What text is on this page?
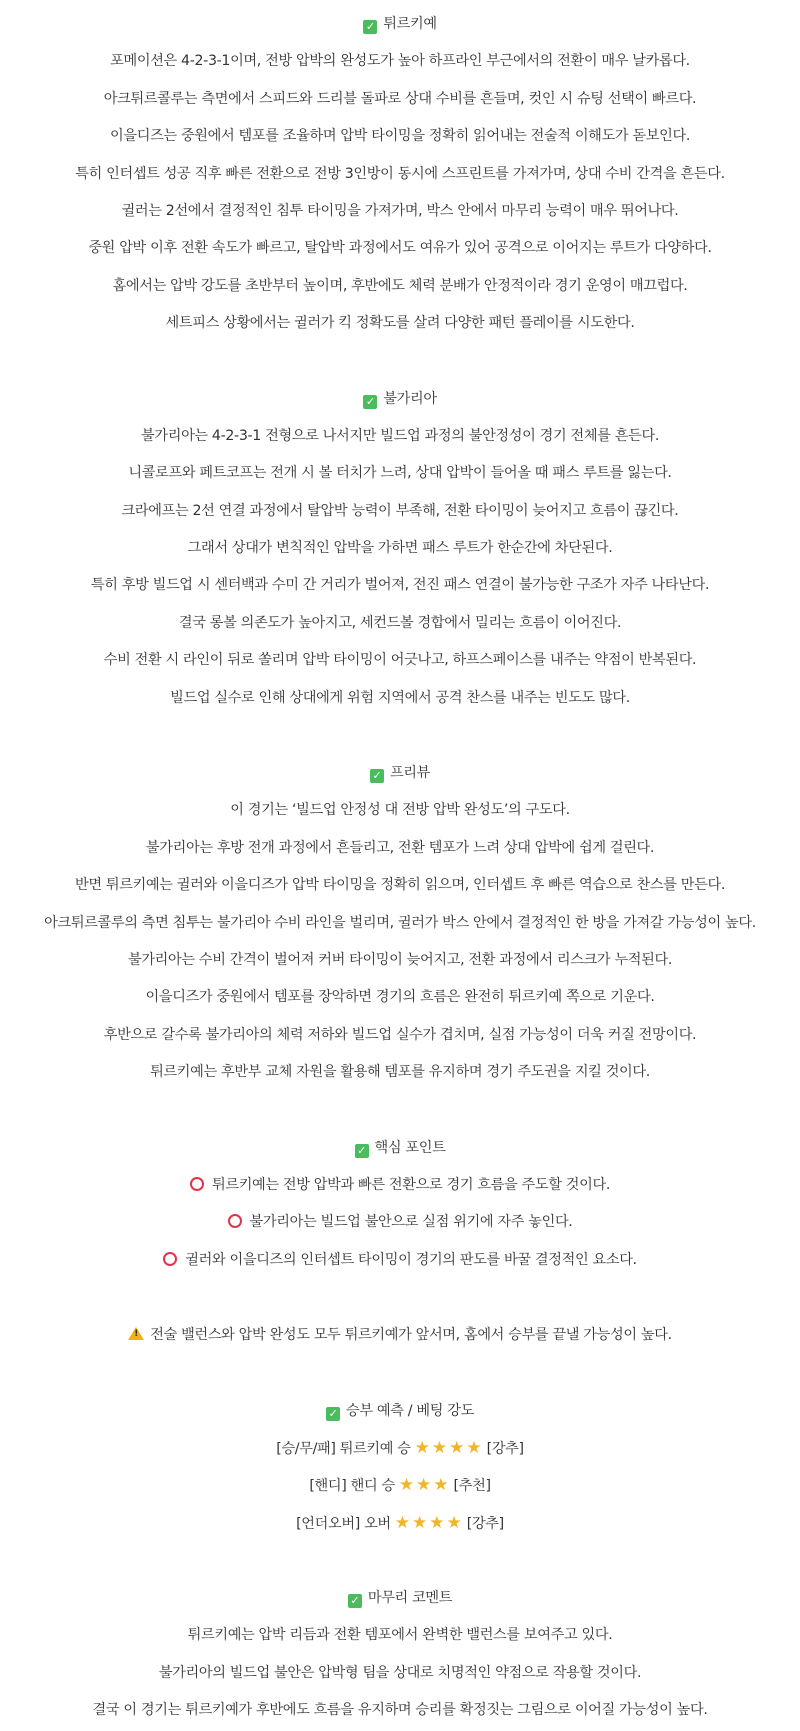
✓ 튀르키예
포메이션은 4-2-3-1이며, 전방 압박의 완성도가 높아 하프라인 부근에서의 전환이 매우 날카롭다.
아크튀르콜루는 측면에서 스피드와 드리블 돌파로 상대 수비를 흔들며, 컷인 시 슈팅 선택이 빠르다.
이을디즈는 중원에서 템포를 조율하며 압박 타이밍을 정확히 읽어내는 전술적 이해도가 돋보인다.
특히 인터셉트 성공 직후 빠른 전환으로 전방 3인방이 동시에 스프린트를 가져가며, 상대 수비 간격을 흔든다.
귈러는 2선에서 결정적인 침투 타이밍을 가져가며, 박스 안에서 마무리 능력이 매우 뛰어나다.
중원 압박 이후 전환 속도가 빠르고, 탈압박 과정에서도 여유가 있어 공격으로 이어지는 루트가 다양하다.
홈에서는 압박 강도를 초반부터 높이며, 후반에도 체력 분배가 안정적이라 경기 운영이 매끄럽다.
세트피스 상황에서는 귈러가 킥 정확도를 살려 다양한 패턴 플레이를 시도한다.
✓ 불가리아
불가리아는 4-2-3-1 전형으로 나서지만 빌드업 과정의 불안정성이 경기 전체를 흔든다.
니콜로프와 페트코프는 전개 시 볼 터치가 느려, 상대 압박이 들어올 때 패스 루트를 잃는다.
크라에프는 2선 연결 과정에서 탈압박 능력이 부족해, 전환 타이밍이 늦어지고 흐름이 끊긴다.
그래서 상대가 변칙적인 압박을 가하면 패스 루트가 한순간에 차단된다.
특히 후방 빌드업 시 센터백과 수미 간 거리가 벌어져, 전진 패스 연결이 불가능한 구조가 자주 나타난다.
결국 롱볼 의존도가 높아지고, 세컨드볼 경합에서 밀리는 흐름이 이어진다.
수비 전환 시 라인이 뒤로 쏠리며 압박 타이밍이 어긋나고, 하프스페이스를 내주는 약점이 반복된다.
빌드업 실수로 인해 상대에게 위험 지역에서 공격 찬스를 내주는 빈도도 많다.
✓ 프리뷰
이 경기는 ‘빌드업 안정성 대 전방 압박 완성도’의 구도다.
불가리아는 후방 전개 과정에서 흔들리고, 전환 템포가 느려 상대 압박에 쉽게 걸린다.
반면 튀르키예는 귈러와 이을디즈가 압박 타이밍을 정확히 읽으며, 인터셉트 후 빠른 역습으로 찬스를 만든다.
아크튀르콜루의 측면 침투는 불가리아 수비 라인을 벌리며, 귈러가 박스 안에서 결정적인 한 방을 가져갈 가능성이 높다.
불가리아는 수비 간격이 벌어져 커버 타이밍이 늦어지고, 전환 과정에서 리스크가 누적된다.
이을디즈가 중원에서 템포를 장악하면 경기의 흐름은 완전히 튀르키예 쪽으로 기운다.
후반으로 갈수록 불가리아의 체력 저하와 빌드업 실수가 겹치며, 실점 가능성이 더욱 커질 전망이다.
튀르키예는 후반부 교체 자원을 활용해 템포를 유지하며 경기 주도권을 지킬 것이다.
✓ 핵심 포인트
튀르키예는 전방 압박과 빠른 전환으로 경기 흐름을 주도할 것이다.
불가리아는 빌드업 불안으로 실점 위기에 자주 놓인다.
귈러와 이을디즈의 인터셉트 타이밍이 경기의 판도를 바꿀 결정적인 요소다.
!전술 밸런스와 압박 완성도 모두 튀르키예가 앞서며, 홈에서 승부를 끝낼 가능성이 높다.
✓ 승부 예측 / 베팅 강도
[승/무/패] 튀르키예 승 ★★★★ [강추]
[핸디] 핸디 승 ★★★ [추천]
[언더오버] 오버 ★★★★ [강추]
✓ 마무리 코멘트
튀르키예는 압박 리듬과 전환 템포에서 완벽한 밸런스를 보여주고 있다.
불가리아의 빌드업 불안은 압박형 팀을 상대로 치명적인 약점으로 작용할 것이다.
결국 이 경기는 튀르키예가 후반에도 흐름을 유지하며 승리를 확정짓는 그림으로 이어질 가능성이 높다.
